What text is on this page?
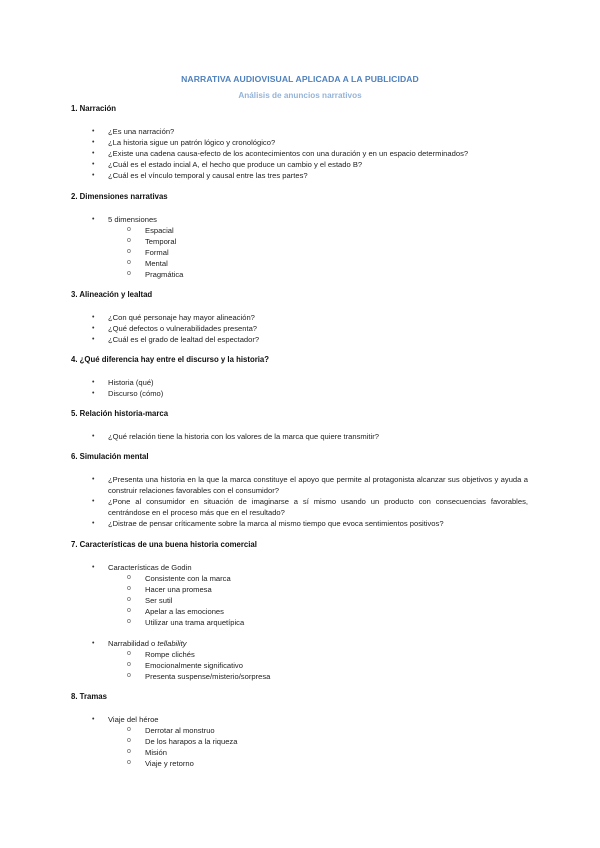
NARRATIVA AUDIOVISUAL APLICADA A LA PUBLICIDAD
Análisis de anuncios narrativos
1. Narración
• ¿Es una narración?
• ¿La historia sigue un patrón lógico y cronológico?
• ¿Existe una cadena causa-efecto de los acontecimientos con una duración y en un espacio determinados?
• ¿Cuál es el estado incial A, el hecho que produce un cambio y el estado B?
• ¿Cuál es el vínculo temporal y causal entre las tres partes?
2. Dimensiones narrativas
• 5 dimensiones
o Espacial
o Temporal
o Formal
o Mental
o Pragmática
3. Alineación y lealtad
• ¿Con qué personaje hay mayor alineación?
• ¿Qué defectos o vulnerabilidades presenta?
• ¿Cuál es el grado de lealtad del espectador?
4. ¿Qué diferencia hay entre el discurso y la historia?
• Historia (qué)
• Discurso (cómo)
5. Relación historia-marca
• ¿Qué relación tiene la historia con los valores de la marca que quiere transmitir?
6. Simulación mental
• ¿Presenta una historia en la que la marca constituye el apoyo que permite al protagonista alcanzar sus objetivos y ayuda a construir relaciones favorables con el consumidor?
• ¿Pone al consumidor en situación de imaginarse a sí mismo usando un producto con consecuencias favorables, centrándose en el proceso más que en el resultado?
• ¿Distrae de pensar críticamente sobre la marca al mismo tiempo que evoca sentimientos positivos?
7. Características de una buena historia comercial
• Características de Godin
o Consistente con la marca
o Hacer una promesa
o Ser sutil
o Apelar a las emociones
o Utilizar una trama arquetípica
• Narrabilidad o tellability
o Rompe clichés
o Emocionalmente significativo
o Presenta suspense/misterio/sorpresa
8. Tramas
• Viaje del héroe
o Derrotar al monstruo
o De los harapos a la riqueza
o Misión
o Viaje y retorno
